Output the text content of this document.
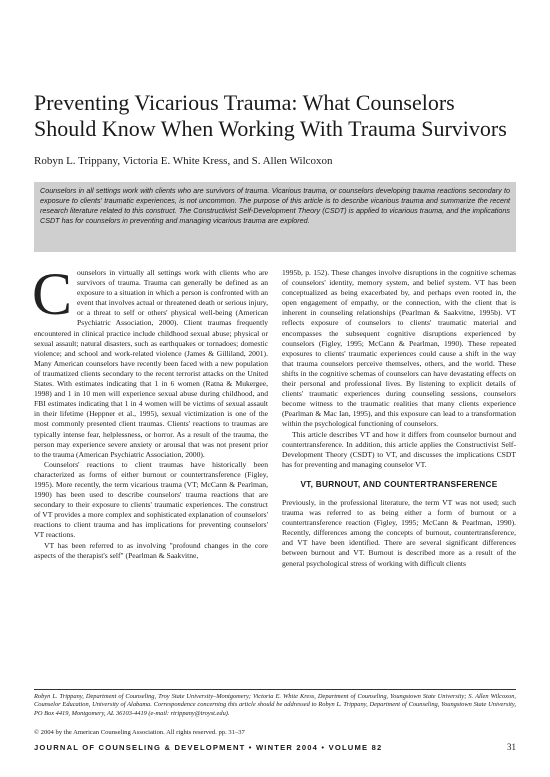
Preventing Vicarious Trauma: What Counselors Should Know When Working With Trauma Survivors

Robyn L. Trippany, Victoria E. White Kress, and S. Allen Wilcoxon

Counselors in all settings work with clients who are survivors of trauma. Vicarious trauma, or counselors developing trauma reactions secondary to exposure to clients' traumatic experiences, is not uncommon. The purpose of this article is to describe vicarious trauma and summarize the recent research literature related to this construct. The Constructivist Self-Development Theory (CSDT) is applied to vicarious trauma, and the implications CSDT has for counselors in preventing and managing vicarious trauma are explored.

Counselors in virtually all settings work with clients who are survivors of trauma. Trauma can generally be defined as an exposure to a situation in which a person is confronted with an event that involves actual or threatened death or serious injury, or a threat to self or others' physical well-being (American Psychiatric Association, 2000). Client traumas frequently encountered in clinical practice include childhood sexual abuse; physical or sexual assault; natural disasters, such as earthquakes or tornadoes; domestic violence; and school and work-related violence (James & Gilliland, 2001). Many American counselors have recently been faced with a new population of traumatized clients secondary to the recent terrorist attacks on the United States. With estimates indicating that 1 in 6 women (Ratna & Mukergee, 1998) and 1 in 10 men will experience sexual abuse during childhood, and FBI estimates indicating that 1 in 4 women will be victims of sexual assault in their lifetime (Heppner et al., 1995), sexual victimization is one of the most commonly presented client traumas. Clients' reactions to traumas are typically intense fear, helplessness, or horror. As a result of the trauma, the person may experience severe anxiety or arousal that was not present prior to the trauma (American Psychiatric Association, 2000).

Counselors' reactions to client traumas have historically been characterized as forms of either burnout or countertransference (Figley, 1995). More recently, the term vicarious trauma (VT; McCann & Pearlman, 1990) has been used to describe counselors' trauma reactions that are secondary to their exposure to clients' traumatic experiences. The construct of VT provides a more complex and sophisticated explanation of counselors' reactions to client trauma and has implications for preventing counselors' VT reactions.

VT has been referred to as involving "profound changes in the core aspects of the therapist's self" (Pearlman & Saakvitne,

1995b, p. 152). These changes involve disruptions in the cognitive schemas of counselors' identity, memory system, and belief system. VT has been conceptualized as being exacerbated by, and perhaps even rooted in, the open engagement of empathy, or the connection, with the client that is inherent in counseling relationships (Pearlman & Saakvitne, 1995b). VT reflects exposure of counselors to clients' traumatic material and encompasses the subsequent cognitive disruptions experienced by counselors (Figley, 1995; McCann & Pearlman, 1990). These repeated exposures to clients' traumatic experiences could cause a shift in the way that trauma counselors perceive themselves, others, and the world. These shifts in the cognitive schemas of counselors can have devastating effects on their personal and professional lives. By listening to explicit details of clients' traumatic experiences during counseling sessions, counselors become witness to the traumatic realities that many clients experience (Pearlman & Mac Ian, 1995), and this exposure can lead to a transformation within the psychological functioning of counselors.

This article describes VT and how it differs from counselor burnout and countertransference. In addition, this article applies the Constructivist Self-Development Theory (CSDT) to VT, and discusses the implications CSDT has for preventing and managing counselor VT.

VT, BURNOUT, AND COUNTERTRANSFERENCE

Previously, in the professional literature, the term VT was not used; such trauma was referred to as being either a form of burnout or a countertransference reaction (Figley, 1995; McCann & Pearlman, 1990). Recently, differences among the concepts of burnout, countertransference, and VT have been identified. There are several significant differences between burnout and VT. Burnout is described more as a result of the general psychological stress of working with difficult clients

Robyn L. Trippany, Department of Counseling, Troy State University–Montgomery; Victoria E. White Kress, Department of Counseling, Youngstown State University; S. Allen Wilcoxon, Counselor Education, University of Alabama. Correspondence concerning this article should be addressed to Robyn L. Trippany, Department of Counseling, Youngstown State University, PO Box 4419, Montgomery, AL 36103-4419 (e-mail: rtrippany@troyst.edu).

© 2004 by the American Counseling Association. All rights reserved. pp. 31–37

JOURNAL OF COUNSELING & DEVELOPMENT • WINTER 2004 • VOLUME 82	31
